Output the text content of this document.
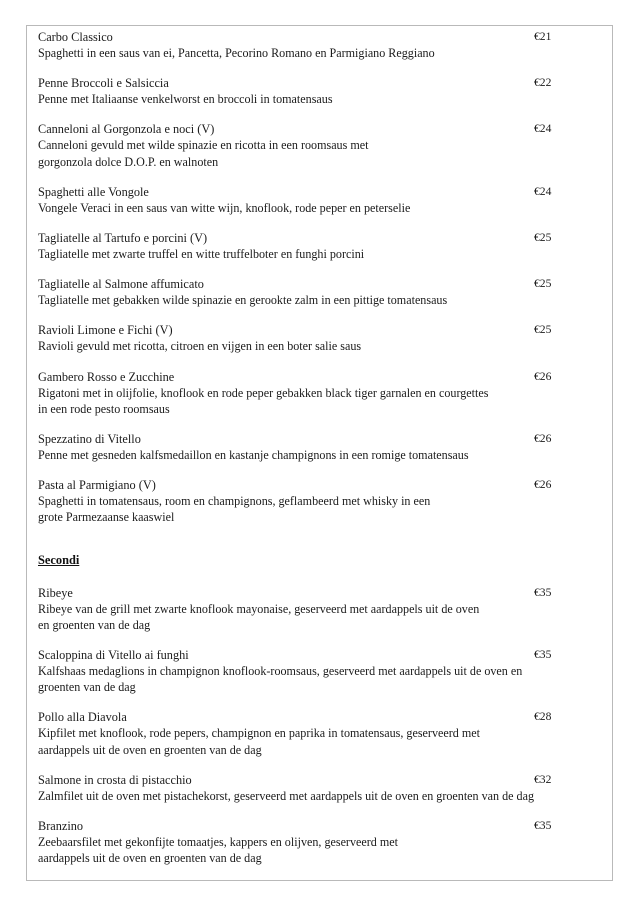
Carbo Classico	€21
Spaghetti in een saus van ei, Pancetta, Pecorino Romano en Parmigiano Reggiano
Penne Broccoli e Salsiccia	€22
Penne met Italiaanse venkelworst en broccoli in tomatensaus
Canneloni al Gorgonzola e noci (V)	€24
Canneloni gevuld met wilde spinazie en ricotta in een roomsaus met
gorgonzola dolce D.O.P. en walnoten
Spaghetti alle Vongole	€24
Vongele Veraci in een saus van witte wijn, knoflook, rode peper en peterselie
Tagliatelle al Tartufo e porcini (V)	€25
Tagliatelle met zwarte truffel en witte truffelboter en funghi porcini
Tagliatelle al Salmone affumicato	€25
Tagliatelle met gebakken wilde spinazie en gerookte zalm in een pittige tomatensaus
Ravioli Limone e Fichi (V)	€25
Ravioli gevuld met ricotta, citroen en vijgen in een boter salie saus
Gambero Rosso e Zucchine	€26
Rigatoni met in olijfolie, knoflook en rode peper gebakken black tiger garnalen en courgettes
in een rode pesto roomsaus
Spezzatino di Vitello	€26
Penne met gesneden kalfsmedaillon en kastanje champignons in een romige tomatensaus
Pasta al Parmigiano (V)	€26
Spaghetti in tomatensaus, room en champignons, geflambeerd met whisky in een
grote Parmezaanse kaaswiel
Secondi
Ribeye	€35
Ribeye van de grill met zwarte knoflook mayonaise, geserveerd met aardappels uit de oven
en groenten van de dag
Scaloppina di Vitello ai funghi	€35
Kalfshaas medaglions in champignon knoflook-roomsaus, geserveerd met aardappels uit de oven en
groenten van de dag
Pollo alla Diavola	€28
Kipfilet met knoflook, rode pepers, champignon en paprika in tomatensaus, geserveerd met
aardappels uit de oven en groenten van de dag
Salmone in crosta di pistacchio	€32
Zalmfilet uit de oven met pistachekorst, geserveerd met aardappels uit de oven en groenten van de dag
Branzino	€35
Zeebaarsfilet met gekonfijte tomaatjes, kappers en olijven, geserveerd met
aardappels uit de oven en groenten van de dag
